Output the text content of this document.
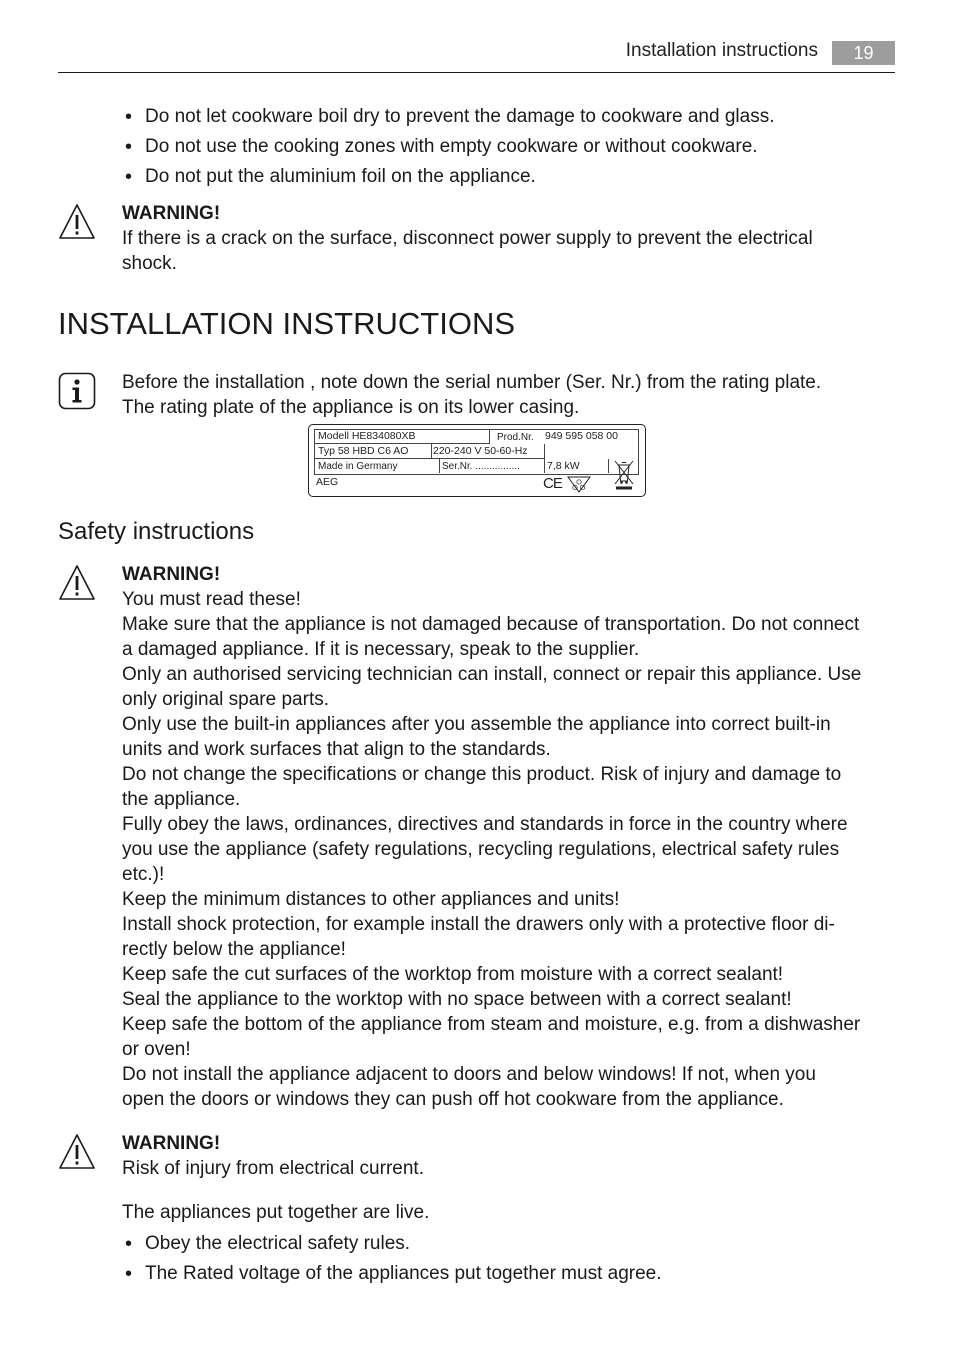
Installation instructions	19
• Do not let cookware boil dry to prevent the damage to cookware and glass.
• Do not use the cooking zones with empty cookware or without cookware.
• Do not put the aluminium foil on the appliance.
WARNING!

If there is a crack on the surface, disconnect power supply to prevent the electrical

shock.

INSTALLATION INSTRUCTIONS

Before the installation , note down the serial number (Ser. Nr.) from the rating plate.

The rating plate of the appliance is on its lower casing.

Modell HE834080XB	Prod.Nr. 949 595 058 00
Typ 58 HBD C6 AO 220-240 V 50-60-Hz
Made in Germany	Ser.Nr. ................	7,8 kW
AEG	CE
Safety instructions
WARNING!

You must read these!

Make sure that the appliance is not damaged because of transportation. Do not connect

a damaged appliance. If it is necessary, speak to the supplier.

Only an authorised servicing technician can install, connect or repair this appliance. Use

only original spare parts.

Only use the built-in appliances after you assemble the appliance into correct built-in

units and work surfaces that align to the standards.

Do not change the specifications or change this product. Risk of injury and damage to

the appliance.

Fully obey the laws, ordinances, directives and standards in force in the country where

you use the appliance (safety regulations, recycling regulations, electrical safety rules

etc.)!

Keep the minimum distances to other appliances and units!

Install shock protection, for example install the drawers only with a protective floor di-

rectly below the appliance!

Keep safe the cut surfaces of the worktop from moisture with a correct sealant!

Seal the appliance to the worktop with no space between with a correct sealant!

Keep safe the bottom of the appliance from steam and moisture, e.g. from a dishwasher

or oven!

Do not install the appliance adjacent to doors and below windows! If not, when you

open the doors or windows they can push off hot cookware from the appliance.

WARNING!

Risk of injury from electrical current.

The appliances put together are live.

• Obey the electrical safety rules.
• The Rated voltage of the appliances put together must agree.
